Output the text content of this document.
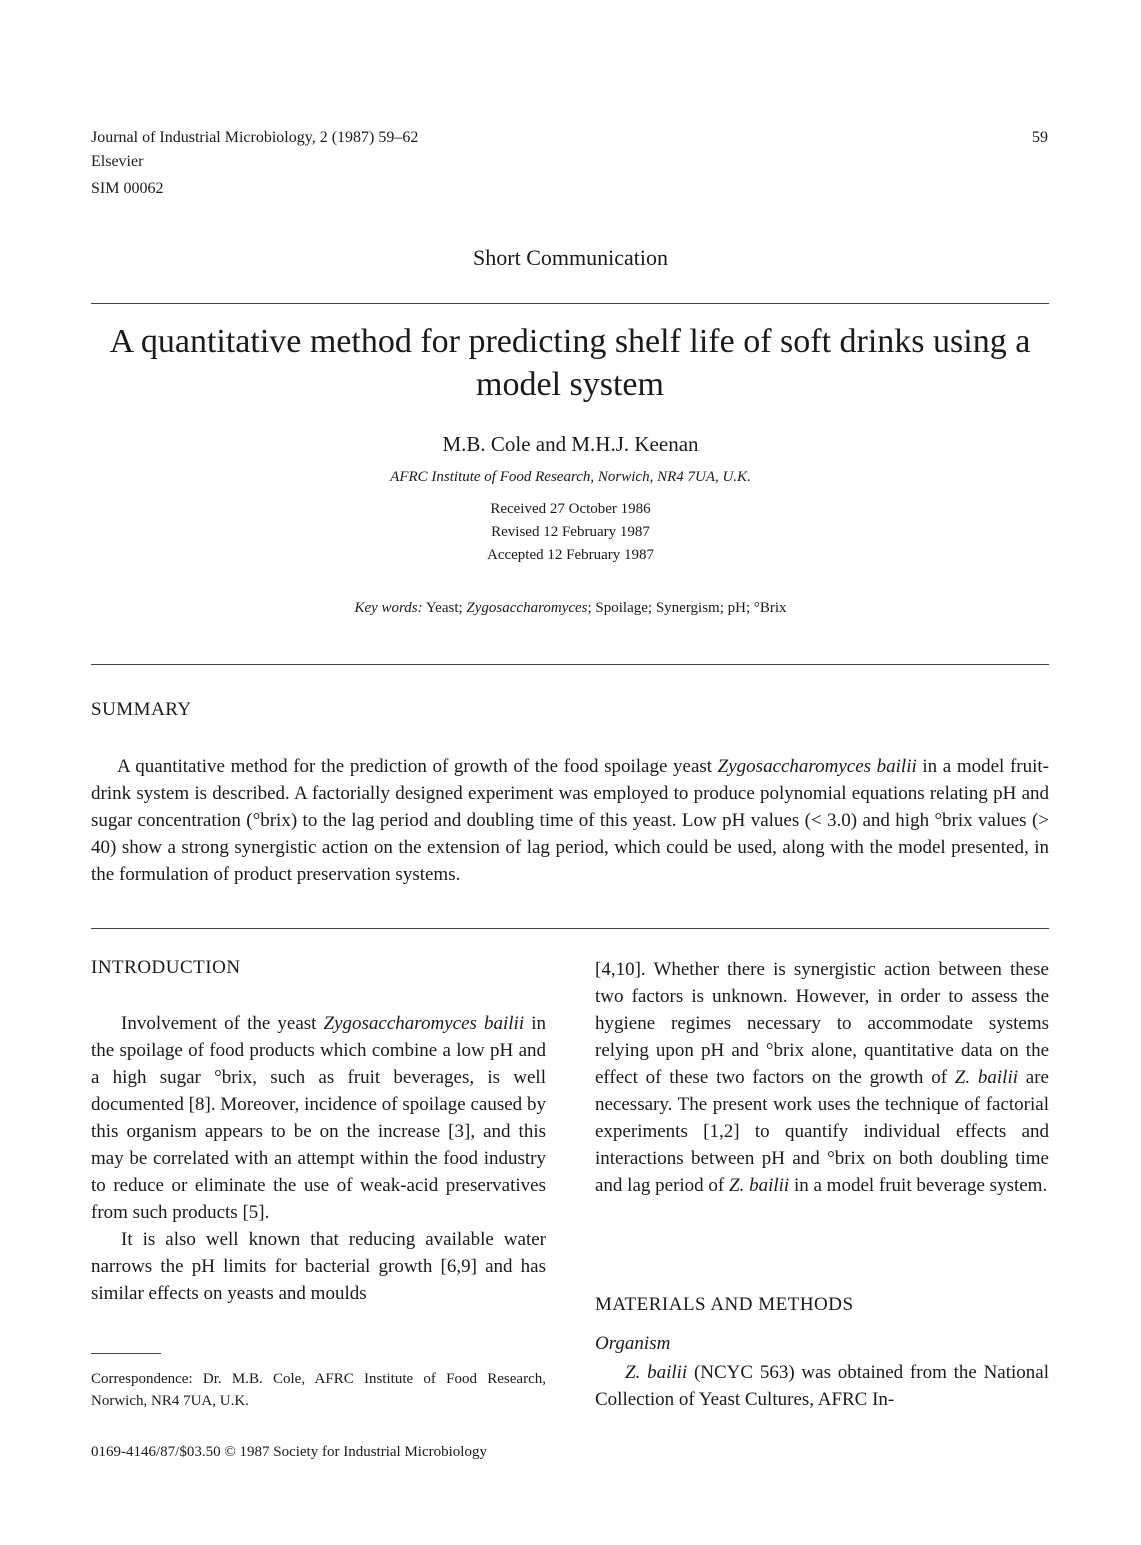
Journal of Industrial Microbiology, 2 (1987) 59–62
Elsevier
SIM 00062
59
Short Communication
A quantitative method for predicting shelf life of soft drinks using a model system
M.B. Cole and M.H.J. Keenan
AFRC Institute of Food Research, Norwich, NR4 7UA, U.K.
Received 27 October 1986
Revised 12 February 1987
Accepted 12 February 1987
Key words: Yeast; Zygosaccharomyces; Spoilage; Synergism; pH; °Brix
SUMMARY
A quantitative method for the prediction of growth of the food spoilage yeast Zygosaccharomyces bailii in a model fruit-drink system is described. A factorially designed experiment was employed to produce polynomial equations relating pH and sugar concentration (°brix) to the lag period and doubling time of this yeast. Low pH values (< 3.0) and high °brix values (> 40) show a strong synergistic action on the extension of lag period, which could be used, along with the model presented, in the formulation of product preservation systems.
INTRODUCTION

Involvement of the yeast Zygosaccharomyces bailii in the spoilage of food products which combine a low pH and a high sugar °brix, such as fruit beverages, is well documented [8]. Moreover, incidence of spoilage caused by this organism appears to be on the increase [3], and this may be correlated with an attempt within the food industry to reduce or eliminate the use of weak-acid preservatives from such products [5].

It is also well known that reducing available water narrows the pH limits for bacterial growth [6,9] and has similar effects on yeasts and moulds

Correspondence: Dr. M.B. Cole, AFRC Institute of Food Research, Norwich, NR4 7UA, U.K.

[4,10]. Whether there is synergistic action between these two factors is unknown. However, in order to assess the hygiene regimes necessary to accommodate systems relying upon pH and °brix alone, quantitative data on the effect of these two factors on the growth of Z. bailii are necessary. The present work uses the technique of factorial experiments [1,2] to quantify individual effects and interactions between pH and °brix on both doubling time and lag period of Z. bailii in a model fruit beverage system.

MATERIALS AND METHODS
Organism

Z. bailii (NCYC 563) was obtained from the National Collection of Yeast Cultures, AFRC In-

0169-4146/87/$03.50 © 1987 Society for Industrial Microbiology
